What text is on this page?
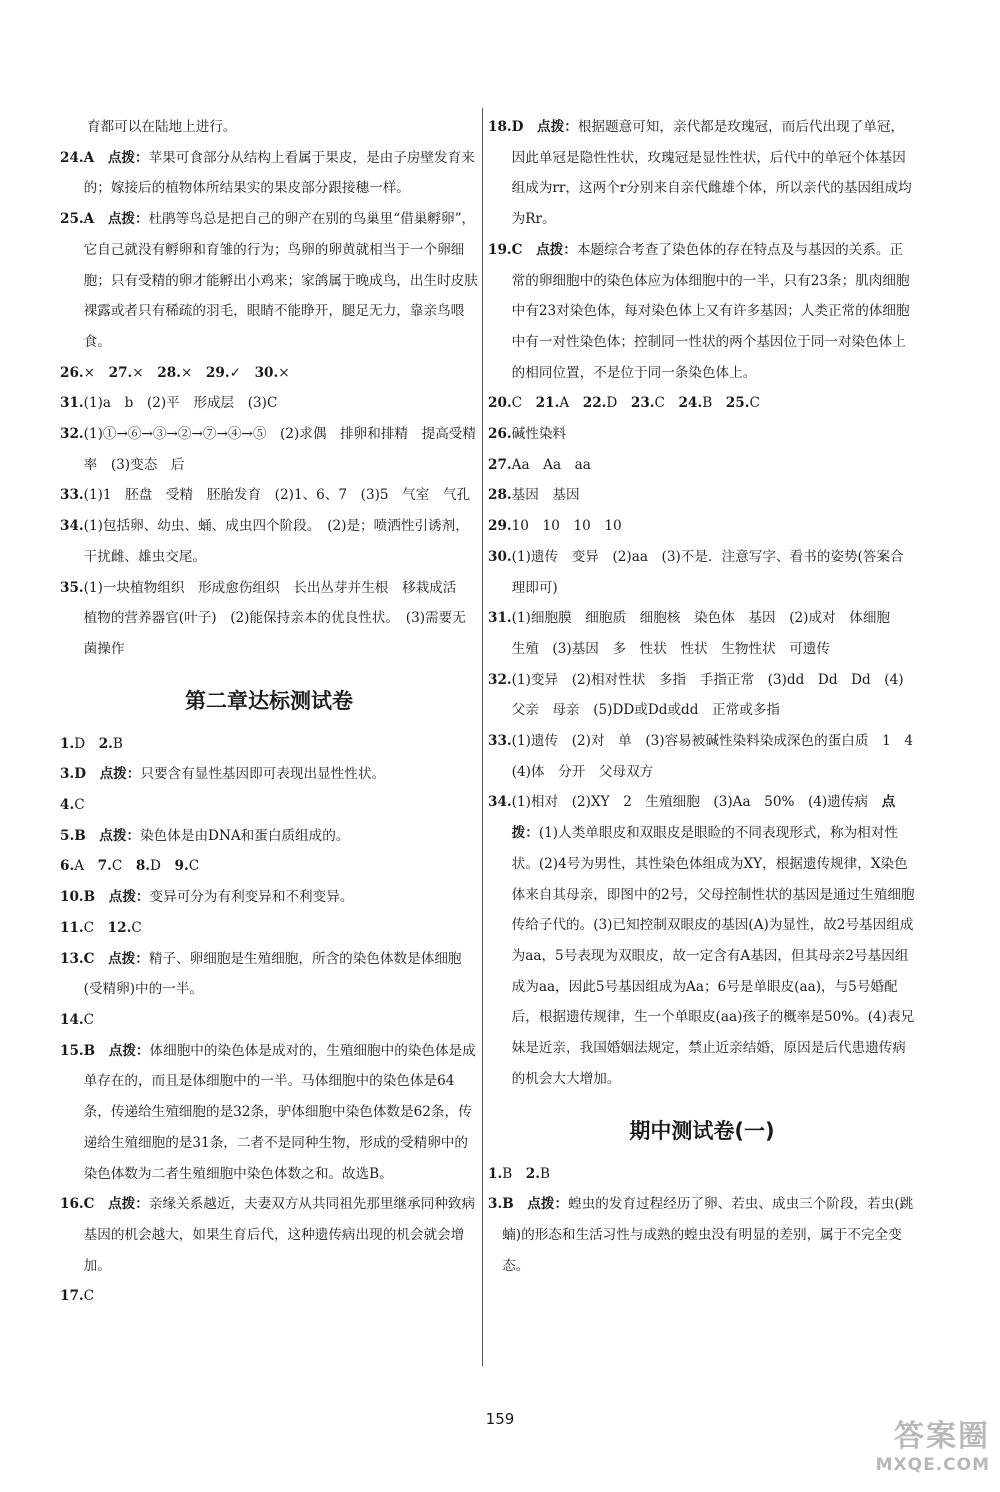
育都可以在陆地上进行。
24. A　 点拨：苹果可食部分从结构上看属于果皮，是由子房壁发育来的；嫁接后的植物体所结果实的果皮部分跟接穗一样。
25. A　 点拨：杜鹃等鸟总是把自己的卵产在别的鸟巢里“借巢孵卵”，它自己就没有孵卵和育雏的行为；鸟卵的卵黄就相当于一个卵细胞；只有受精的卵才能孵出小鸡来；家鸽属于晚成鸟，出生时皮肤裸露或者只有稀疏的羽毛，眼睛不能睁开，腿足无力，靠亲鸟喂食。
26.×　 27.×　 28.×　 29.✓　 30.×
31. (1)a　b　(2)平　形成层　(3)C
32. (1)①→⑥→③→②→⑦→④→⑤　(2)求偶　排卵和排精　提高受精率　(3)变态　后
33. (1)1　胚盘　受精　胚胎发育　(2)1、6、7　(3)5　气室　气孔
34. (1)包括卵、幼虫、蛹、成虫四个阶段。　(2)是；喷洒性引诱剂，干扰雌、雄虫交尾。
35. (1)一块植物组织　形成愈伤组织　长出丛芽并生根　移栽成活　植物的营养器官(叶子)　(2)能保持亲本的优良性状。　(3)需要无菌操作
第二章达标测试卷
1.D　 2.B
3. D　 点拨：只要含有显性基因即可表现出显性性状。
4. C
5. B　 点拨：染色体是由DNA和蛋白质组成的。
6.A　 7.C　 8.D　 9.C
10. B　 点拨：变异可分为有利变异和不利变异。
11.C　 12.C
13. C　 点拨：精子、卵细胞是生殖细胞，所含的染色体数是体细胞(受精卵)中的一半。
14. C
15. B　 点拨：体细胞中的染色体是成对的，生殖细胞中的染色体是成单存在的，而且是体细胞中的一半。马体细胞中的染色体是64条，传递给生殖细胞的是32条，驴体细胞中染色体数是62条，传递给生殖细胞的是31条，二者不是同种生物，形成的受精卵中的染色体数为二者生殖细胞中染色体数之和。故选B。
16. C　 点拨：亲缘关系越近，夫妻双方从共同祖先那里继承同种致病基因的机会越大，如果生育后代，这种遗传病出现的机会就会增加。
17. C
18. D　 点拨：根据题意可知，亲代都是玫瑰冠，而后代出现了单冠，因此单冠是隐性性状，玫瑰冠是显性性状，后代中的单冠个体基因组成为rr，这两个r分别来自亲代雌雄个体，所以亲代的基因组成均为Rr。
19. C　 点拨：本题综合考查了染色体的存在特点及与基因的关系。正常的卵细胞中的染色体应为体细胞中的一半，只有23条；肌肉细胞中有23对染色体，每对染色体上又有许多基因；人类正常的体细胞中有一对性染色体；控制同一性状的两个基因位于同一对染色体上的相同位置，不是位于同一条染色体上。
20.C　 21.A　 22.D　 23.C　 24.B　 25.C
26. 碱性染料
27. Aa　Aa　aa
28. 基因　基因
29. 10　10　10　10
30. (1)遗传　变异　(2)aa　(3)不是．注意写字、看书的姿势(答案合理即可)
31. (1)细胞膜　细胞质　细胞核　染色体　基因　(2)成对　体细胞　生殖　(3)基因　多　性状　性状　生物性状　可遗传
32. (1)变异　(2)相对性状　多指　手指正常　(3)dd　Dd　Dd　(4)父亲　母亲　(5)DD或Dd或dd　正常或多指
33. (1)遗传　(2)对　单　(3)容易被碱性染料染成深色的蛋白质　1　4　(4)体　分开　父母双方
34. (1)相对　(2)XY　2　生殖细胞　(3)Aa　50%　(4)遗传病　点拨：(1)人类单眼皮和双眼皮是眼睑的不同表现形式，称为相对性状。(2)4号为男性，其性染色体组成为XY，根据遗传规律，X染色体来自其母亲，即图中的2号，父母控制性状的基因是通过生殖细胞传给子代的。(3)已知控制双眼皮的基因(A)为显性，故2号基因组成为aa，5号表现为双眼皮，故一定含有A基因，但其母亲2号基因组成为aa，因此5号基因组成为Aa；6号是单眼皮(aa)，与5号婚配后，根据遗传规律，生一个单眼皮(aa)孩子的概率是50%。(4)表兄妹是近亲，我国婚姻法规定，禁止近亲结婚，原因是后代患遗传病的机会大大增加。
期中测试卷(一)
1.B　 2.B
3. B　 点拨：蝗虫的发育过程经历了卵、若虫、成虫三个阶段，若虫(跳蝻)的形态和生活习性与成熟的蝗虫没有明显的差别，属于不完全变态。
159	答案圈
MXQE.COM
